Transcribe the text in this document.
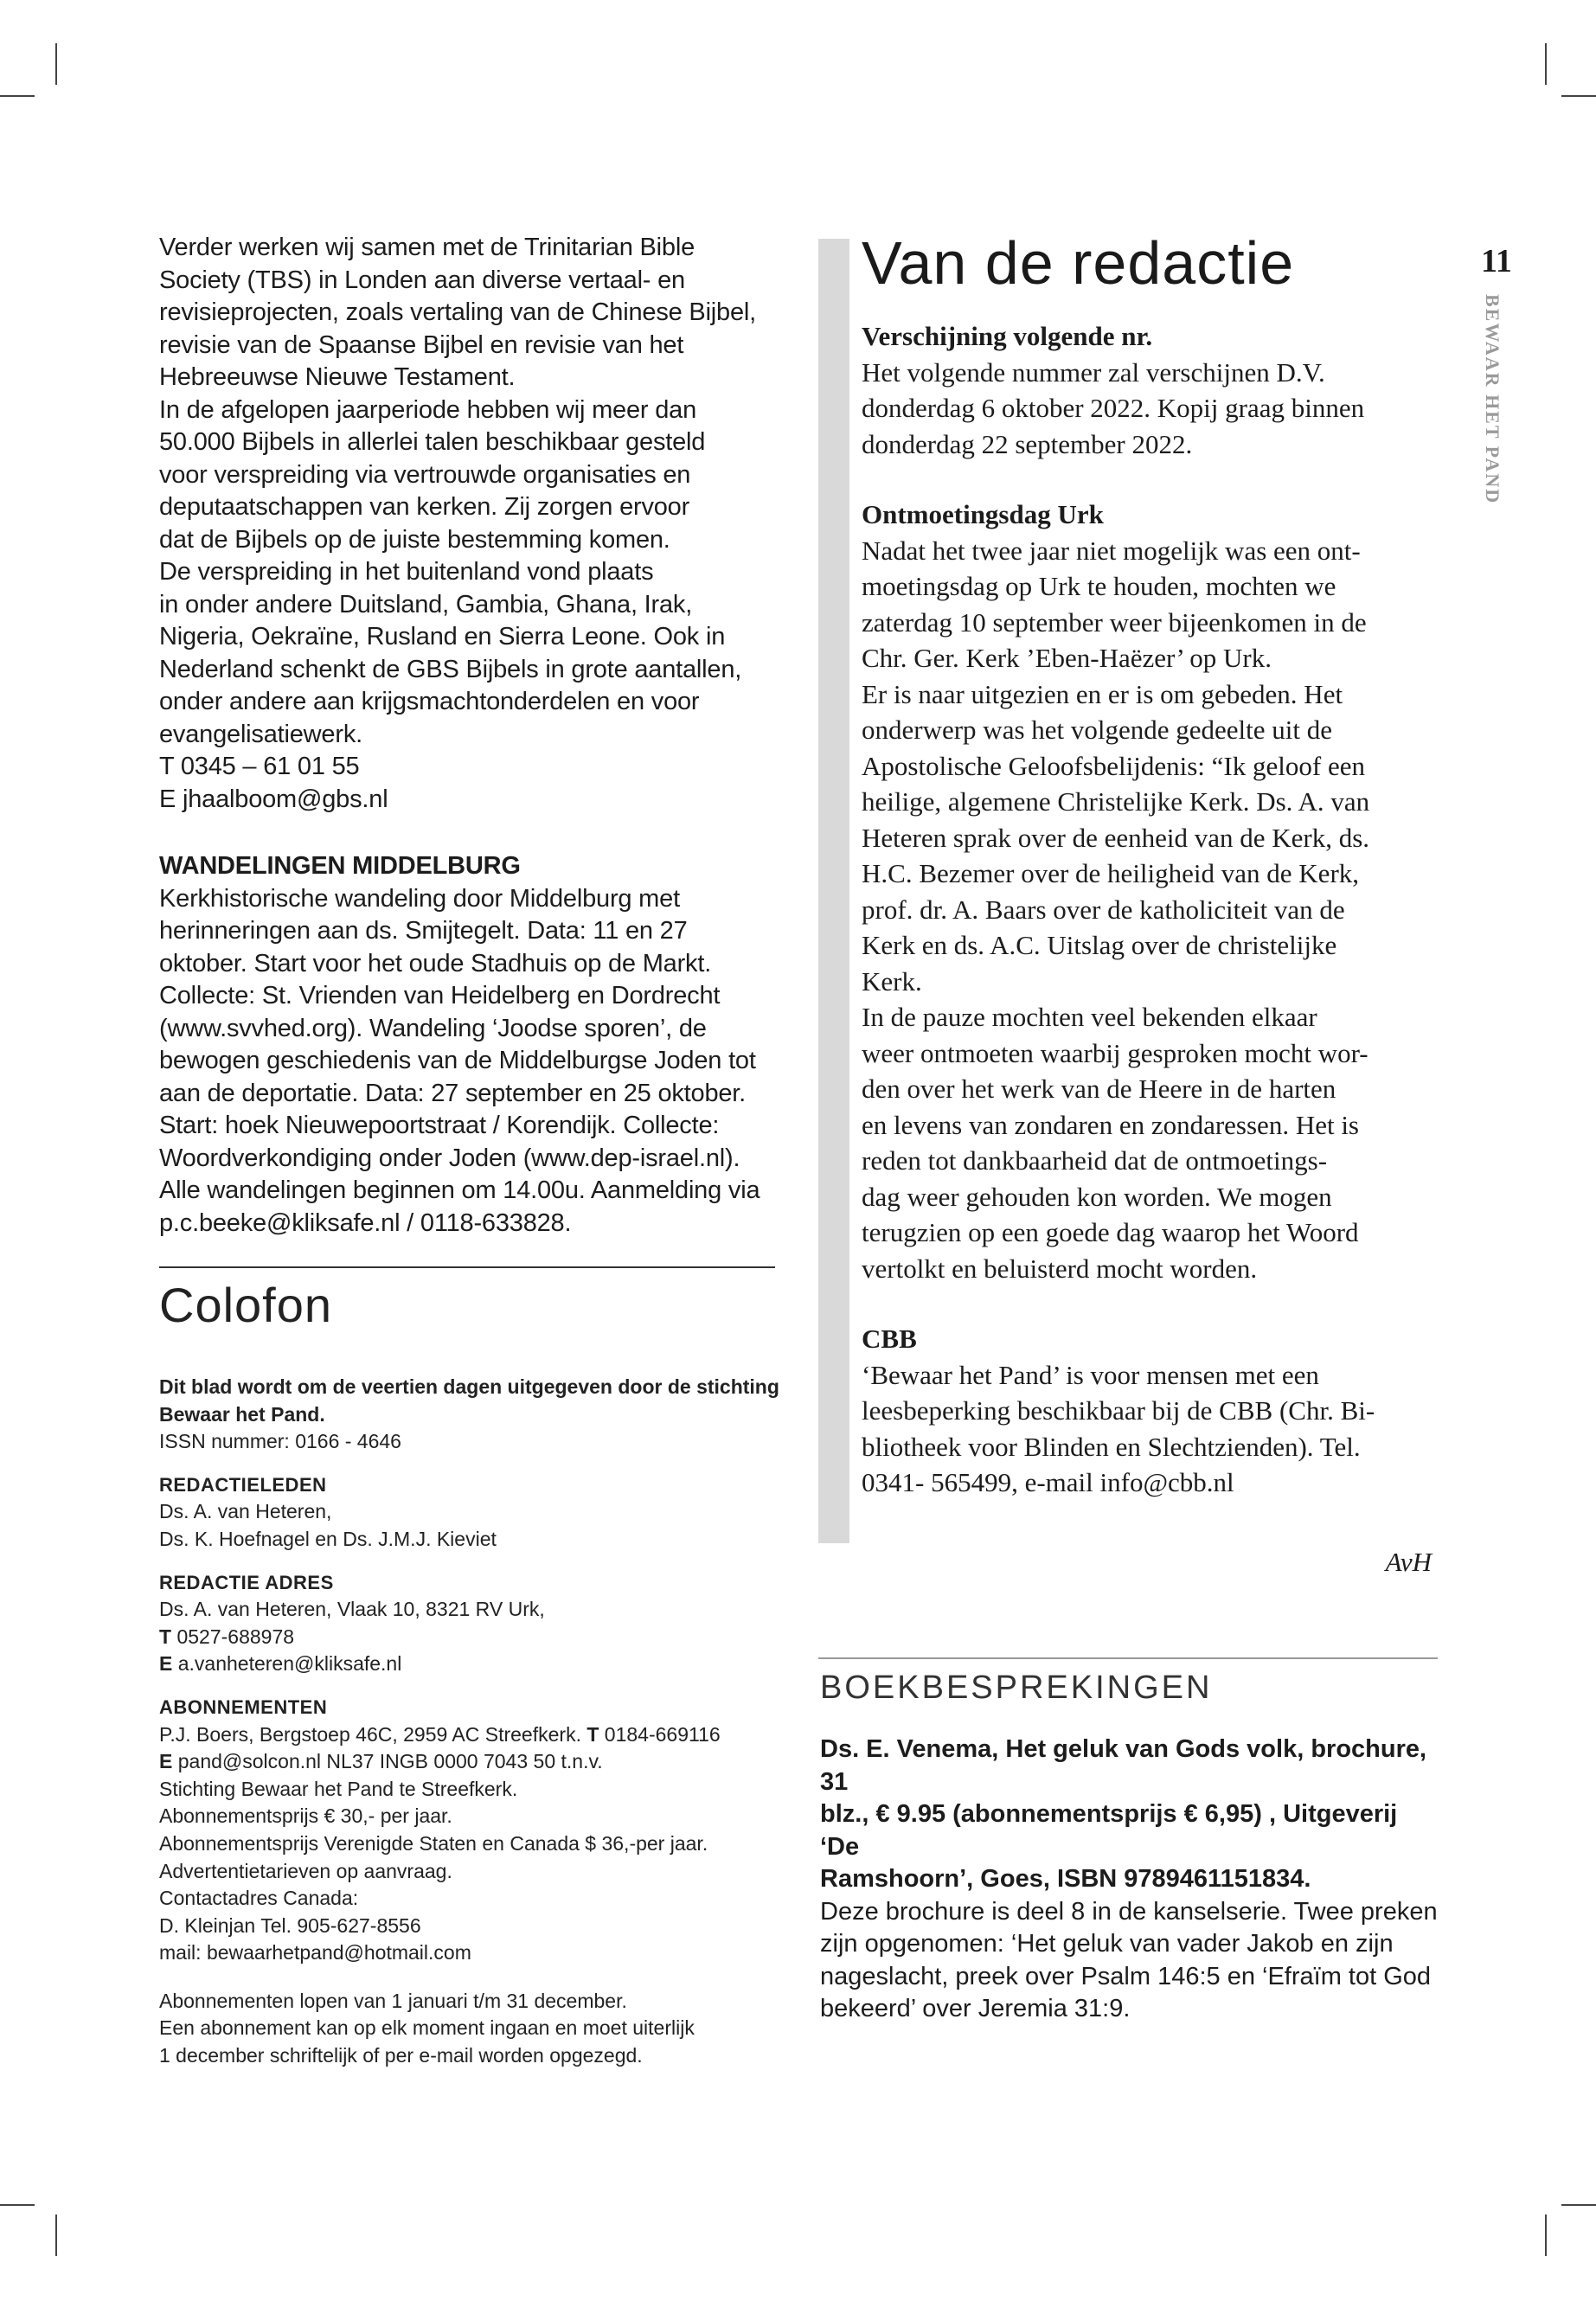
Verder werken wij samen met de Trinitarian Bible

Society (TBS) in Londen aan diverse vertaal- en

revisieprojecten, zoals vertaling van de Chinese Bijbel,

revisie van de Spaanse Bijbel en revisie van het

Hebreeuwse Nieuwe Testament.

In de afgelopen jaarperiode hebben wij meer dan

50.000 Bijbels in allerlei talen beschikbaar gesteld

voor verspreiding via vertrouwde organisaties en

deputaatschappen van kerken. Zij zorgen ervoor

dat de Bijbels op de juiste bestemming komen.

De verspreiding in het buitenland vond plaats

in onder andere Duitsland, Gambia, Ghana, Irak,

Nigeria, Oekraïne, Rusland en Sierra Leone. Ook in

Nederland schenkt de GBS Bijbels in grote aantallen,

onder andere aan krijgsmachtonderdelen en voor

evangelisatiewerk.

T 0345 – 61 01 55

E jhaalboom@gbs.nl

WANDELINGEN MIDDELBURG

Kerkhistorische wandeling door Middelburg met

herinneringen aan ds. Smijtegelt. Data: 11 en 27

oktober. Start voor het oude Stadhuis op de Markt.

Collecte: St. Vrienden van Heidelberg en Dordrecht

(www.svvhed.org). Wandeling ‘Joodse sporen’, de

bewogen geschiedenis van de Middelburgse Joden tot

aan de deportatie. Data: 27 september en 25 oktober.

Start: hoek Nieuwepoortstraat / Korendijk. Collecte:

Woordverkondiging onder Joden (www.dep-israel.nl).

Alle wandelingen beginnen om 14.00u. Aanmelding via

p.c.beeke@kliksafe.nl / 0118-633828.

Colofon
Dit blad wordt om de veertien dagen uitgegeven door de stichting
Bewaar het Pand.
ISSN nummer: 0166 - 4646
REDACTIELEDEN
Ds. A. van Heteren,
Ds. K. Hoefnagel en Ds. J.M.J. Kieviet
REDACTIE ADRES
Ds. A. van Heteren, Vlaak 10, 8321 RV Urk,
T 0527-688978
E a.vanheteren@kliksafe.nl
ABONNEMENTEN
P.J. Boers, Bergstoep 46C, 2959 AC Streefkerk. T 0184-669116
E pand@solcon.nl NL37 INGB 0000 7043 50 t.n.v.
Stichting Bewaar het Pand te Streefkerk.
Abonnementsprijs € 30,- per jaar.
Abonnementsprijs Verenigde Staten en Canada $ 36,-per jaar.
Advertentietarieven op aanvraag.
Contactadres Canada:
D. Kleinjan Tel. 905-627-8556
mail: bewaarhetpand@hotmail.com
Abonnementen lopen van 1 januari t/m 31 december.
Een abonnement kan op elk moment ingaan en moet uiterlijk
1 december schriftelijk of per e-mail worden opgezegd.
Van de redactie
Verschijning volgende nr.

Het volgende nummer zal verschijnen D.V.

donderdag 6 oktober 2022. Kopij graag binnen

donderdag 22 september 2022.

Ontmoetingsdag Urk

Nadat het twee jaar niet mogelijk was een ont-

moetingsdag op Urk te houden, mochten we

zaterdag 10 september weer bijeenkomen in de

Chr. Ger. Kerk ’Eben-Haëzer’ op Urk.

Er is naar uitgezien en er is om gebeden. Het

onderwerp was het volgende gedeelte uit de

Apostolische Geloofsbelijdenis: “Ik geloof een

heilige, algemene Christelijke Kerk. Ds. A. van

Heteren sprak over de eenheid van de Kerk, ds.

H.C. Bezemer over de heiligheid van de Kerk,

prof. dr. A. Baars over de katholiciteit van de

Kerk en ds. A.C. Uitslag over de christelijke

Kerk.

In de pauze mochten veel bekenden elkaar

weer ontmoeten waarbij gesproken mocht wor-

den over het werk van de Heere in de harten

en levens van zondaren en zondaressen. Het is

reden tot dankbaarheid dat de ontmoetings-

dag weer gehouden kon worden. We mogen

terugzien op een goede dag waarop het Woord

vertolkt en beluisterd mocht worden.

CBB

‘Bewaar het Pand’ is voor mensen met een

leesbeperking beschikbaar bij de CBB (Chr. Bi-

bliotheek voor Blinden en Slechtzienden). Tel.

0341- 565499, e-mail info@cbb.nl

AvH
BOEKBESPREKINGEN
Ds. E. Venema, Het geluk van Gods volk, brochure, 31
blz., € 9.95 (abonnementsprijs € 6,95) , Uitgeverij ‘De
Ramshoorn’, Goes, ISBN 9789461151834.
Deze brochure is deel 8 in de kanselserie. Twee preken
zijn opgenomen: ‘Het geluk van vader Jakob en zijn
nageslacht, preek over Psalm 146:5 en ‘Efraïm tot God
bekeerd’ over Jeremia 31:9.
11
BEWAAR HET PAND
